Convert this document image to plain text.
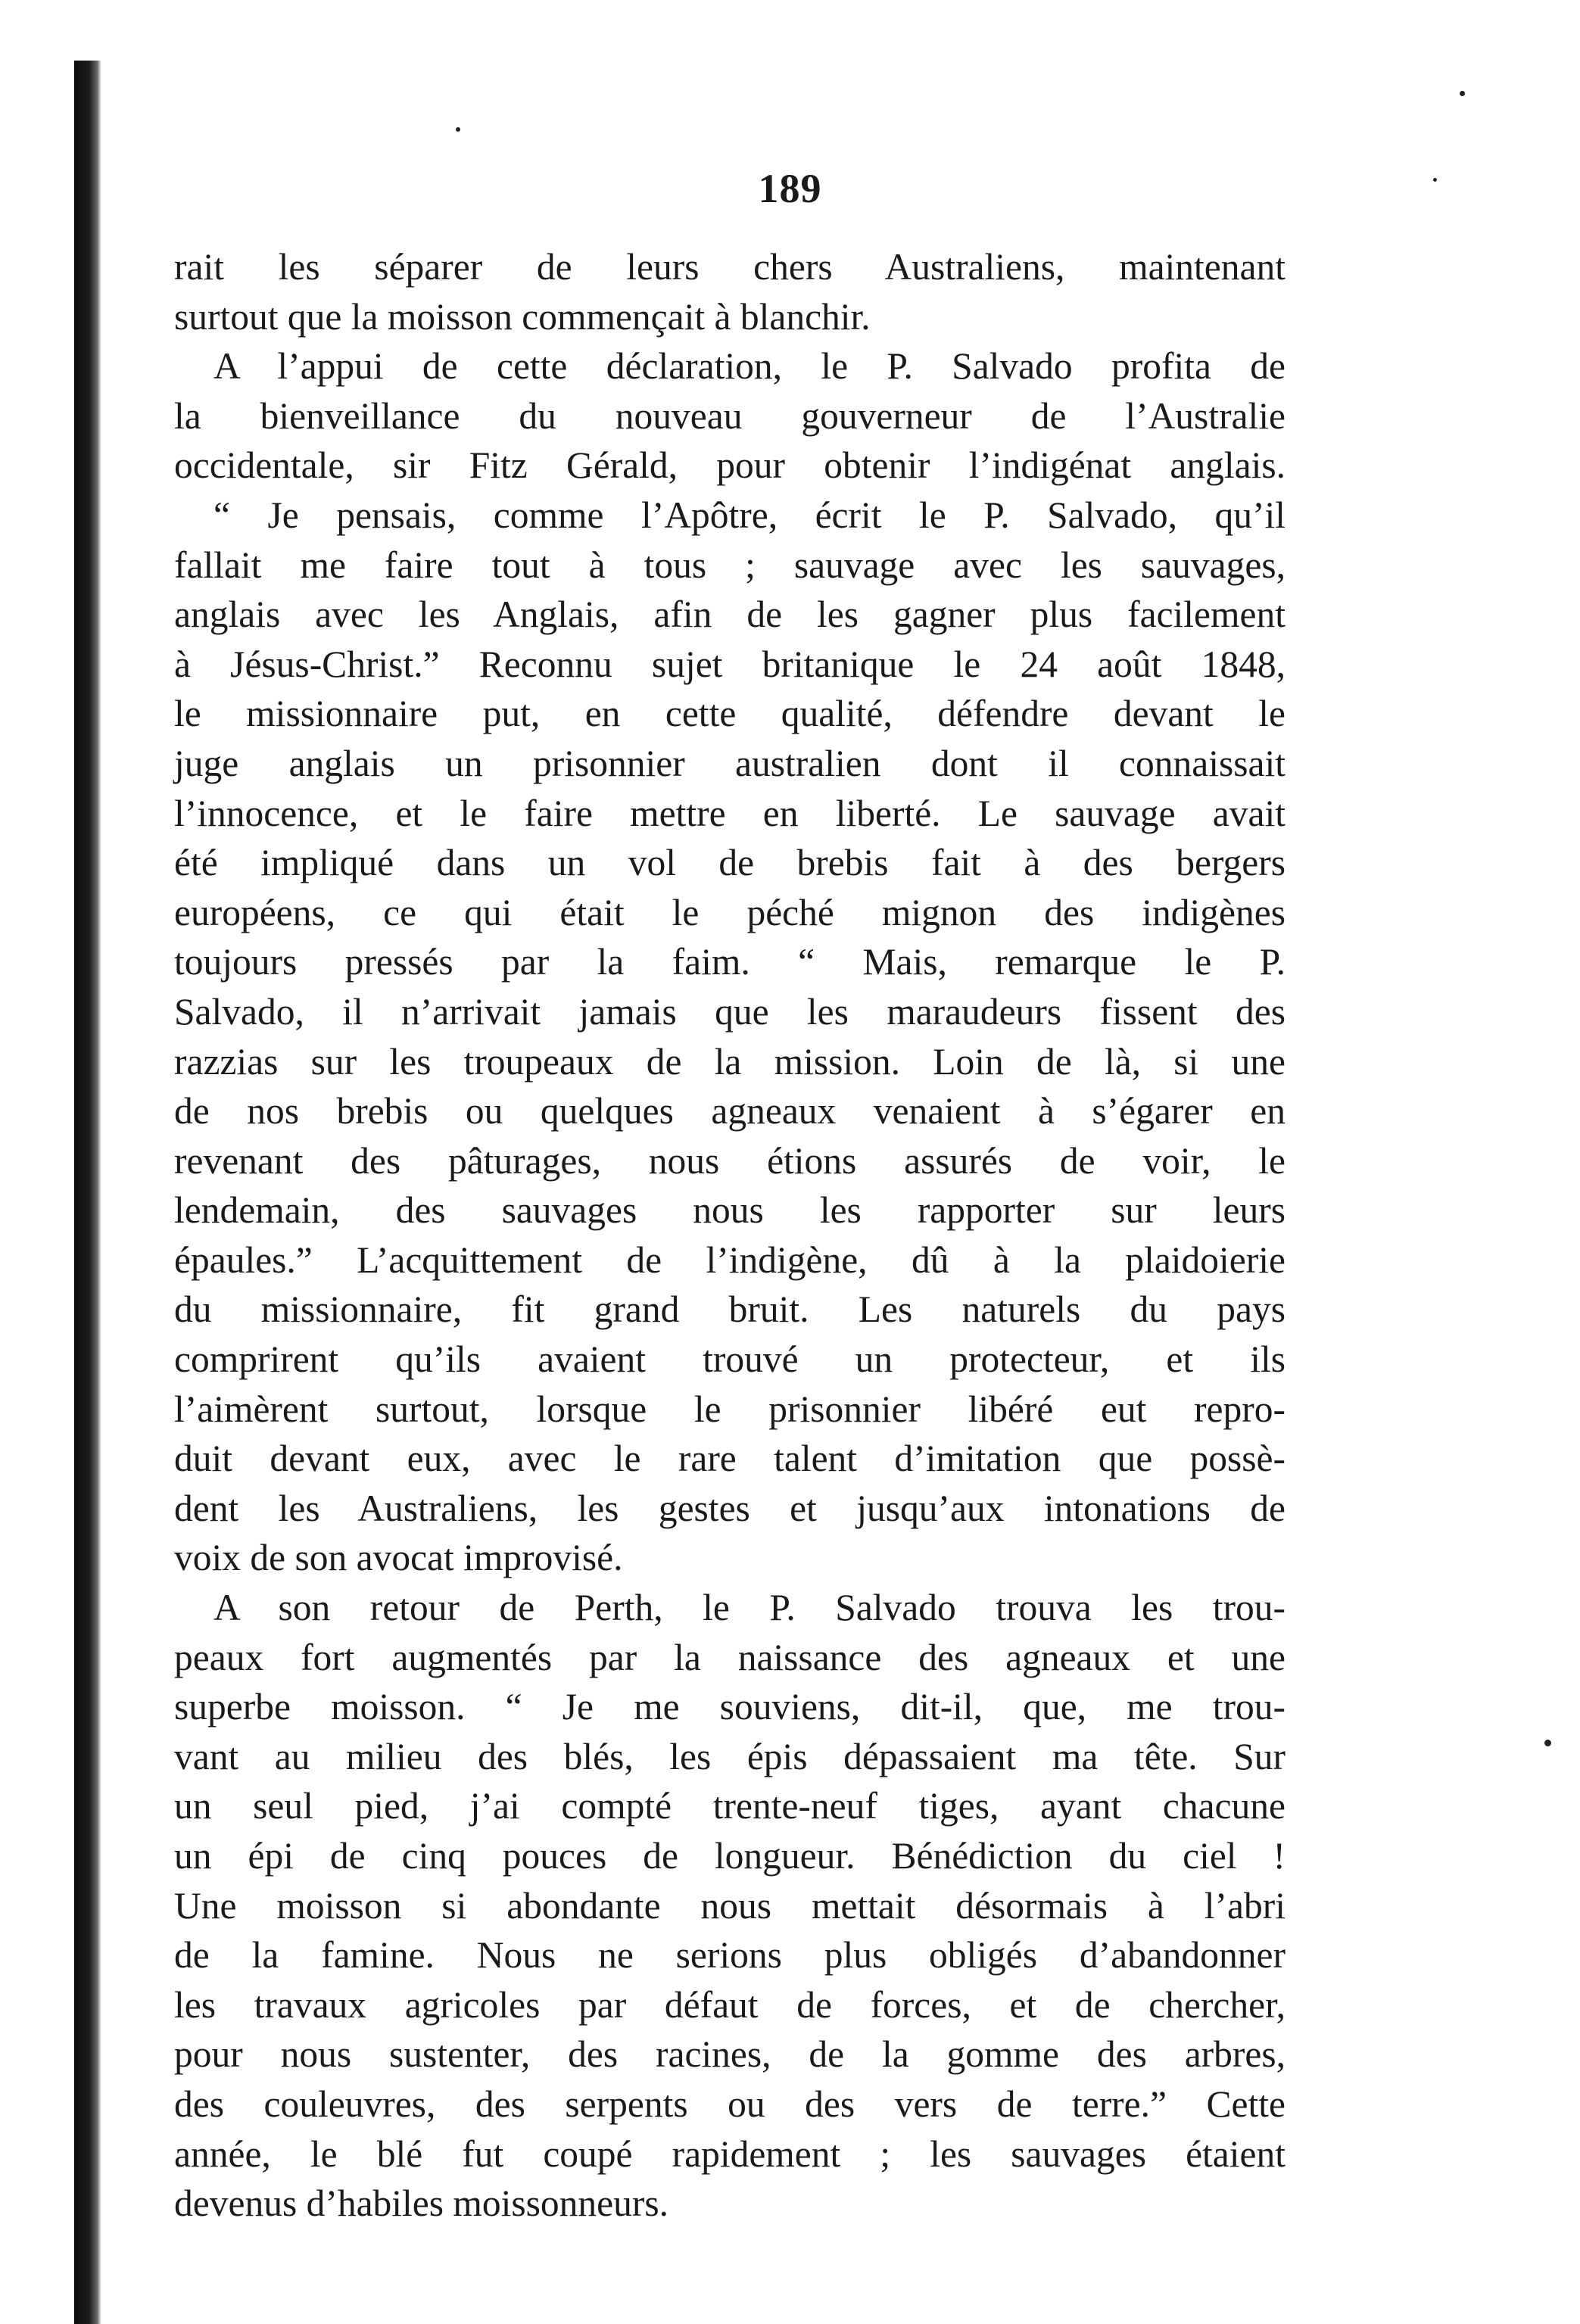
189
rait les séparer de leurs chers Australiens, maintenant
surtout que la moisson commençait à blanchir.
A l’appui de cette déclaration, le P. Salvado profita de
la bienveillance du nouveau gouverneur de l’Australie
occidentale, sir Fitz Gérald, pour obtenir l’indigénat anglais.
“ Je pensais, comme l’Apôtre, écrit le P. Salvado, qu’il
fallait me faire tout à tous ; sauvage avec les sauvages,
anglais avec les Anglais, afin de les gagner plus facilement
à Jésus-Christ.” Reconnu sujet britanique le 24 août 1848,
le missionnaire put, en cette qualité, défendre devant le
juge anglais un prisonnier australien dont il connaissait
l’innocence, et le faire mettre en liberté. Le sauvage avait
été impliqué dans un vol de brebis fait à des bergers
européens, ce qui était le péché mignon des indigènes
toujours pressés par la faim. “ Mais, remarque le P.
Salvado, il n’arrivait jamais que les maraudeurs fissent des
razzias sur les troupeaux de la mission. Loin de là, si une
de nos brebis ou quelques agneaux venaient à s’égarer en
revenant des pâturages, nous étions assurés de voir, le
lendemain, des sauvages nous les rapporter sur leurs
épaules.” L’acquittement de l’indigène, dû à la plaidoierie
du missionnaire, fit grand bruit. Les naturels du pays
comprirent qu’ils avaient trouvé un protecteur, et ils
l’aimèrent surtout, lorsque le prisonnier libéré eut repro-
duit devant eux, avec le rare talent d’imitation que possè-
dent les Australiens, les gestes et jusqu’aux intonations de
voix de son avocat improvisé.
A son retour de Perth, le P. Salvado trouva les trou-
peaux fort augmentés par la naissance des agneaux et une
superbe moisson. “ Je me souviens, dit-il, que, me trou-
vant au milieu des blés, les épis dépassaient ma tête. Sur
un seul pied, j’ai compté trente-neuf tiges, ayant chacune
un épi de cinq pouces de longueur. Bénédiction du ciel !
Une moisson si abondante nous mettait désormais à l’abri
de la famine. Nous ne serions plus obligés d’abandonner
les travaux agricoles par défaut de forces, et de chercher,
pour nous sustenter, des racines, de la gomme des arbres,
des couleuvres, des serpents ou des vers de terre.” Cette
année, le blé fut coupé rapidement ; les sauvages étaient
devenus d’habiles moissonneurs.
